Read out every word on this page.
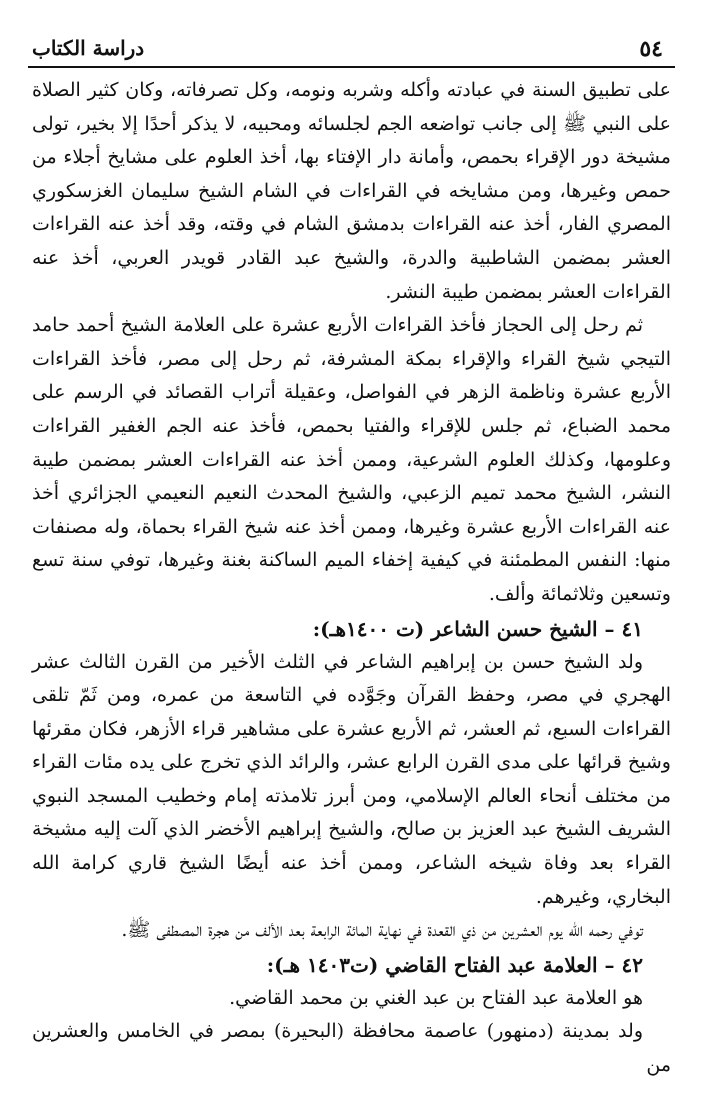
٥٤
دراسة الكتاب

على تطبيق السنة في عبادته وأكله وشربه ونومه، وكل تصرفاته، وكان كثير الصلاة على النبي ﷺ إلى جانب تواضعه الجم لجلسائه ومحبيه، لا يذكر أحدًا إلا بخير، تولى مشيخة دور الإقراء بحمص، وأمانة دار الإفتاء بها، أخذ العلوم على مشايخ أجلاء من حمص وغيرها، ومن مشايخه في القراءات في الشام الشيخ سليمان الغزسكوري المصري الفار، أخذ عنه القراءات بدمشق الشام في وقته، وقد أخذ عنه القراءات العشر بمضمن الشاطبية والدرة، والشيخ عبد القادر قويدر العربي، أخذ عنه القراءات العشر بمضمن طيبة النشر.

ثم رحل إلى الحجاز فأخذ القراءات الأربع عشرة على العلامة الشيخ أحمد حامد التيجي شيخ القراء والإقراء بمكة المشرفة، ثم رحل إلى مصر، فأخذ القراءات الأربع عشرة وناظمة الزهر في الفواصل، وعقيلة أتراب القصائد في الرسم على محمد الضباع، ثم جلس للإقراء والفتيا بحمص، فأخذ عنه الجم الغفير القراءات وعلومها، وكذلك العلوم الشرعية، وممن أخذ عنه القراءات العشر بمضمن طيبة النشر، الشيخ محمد تميم الزعبي، والشيخ المحدث النعيم النعيمي الجزائري أخذ عنه القراءات الأربع عشرة وغيرها، وممن أخذ عنه شيخ القراء بحماة، وله مصنفات منها: النفس المطمئنة في كيفية إخفاء الميم الساكنة بغنة وغيرها، توفي سنة تسع وتسعين وثلاثمائة وألف.

٤١ – الشيخ حسن الشاعر (ت ١٤٠٠هـ):

ولد الشيخ حسن بن إبراهيم الشاعر في الثلث الأخير من القرن الثالث عشر الهجري في مصر، وحفظ القرآن وجَوَّده في التاسعة من عمره، ومن ثَمّ تلقى القراءات السبع، ثم العشر، ثم الأربع عشرة على مشاهير قراء الأزهر، فكان مقرئها وشيخ قرائها على مدى القرن الرابع عشر، والرائد الذي تخرج على يده مئات القراء من مختلف أنحاء العالم الإسلامي، ومن أبرز تلامذته إمام وخطيب المسجد النبوي الشريف الشيخ عبد العزيز بن صالح، والشيخ إبراهيم الأخضر الذي آلت إليه مشيخة القراء بعد وفاة شيخه الشاعر، وممن أخذ عنه أيضًا الشيخ قاري كرامة الله البخاري، وغيرهم.

توفي رحمه الله يوم العشرين من ذي القعدة في نهاية المائة الرابعة بعد الألف من هجرة المصطفى ﷺ.

٤٢ – العلامة عبد الفتاح القاضي (ت١٤٠٣ هـ):

هو العلامة عبد الفتاح بن عبد الغني بن محمد القاضي.

ولد بمدينة (دمنهور) عاصمة محافظة (البحيرة) بمصر في الخامس والعشرين من
